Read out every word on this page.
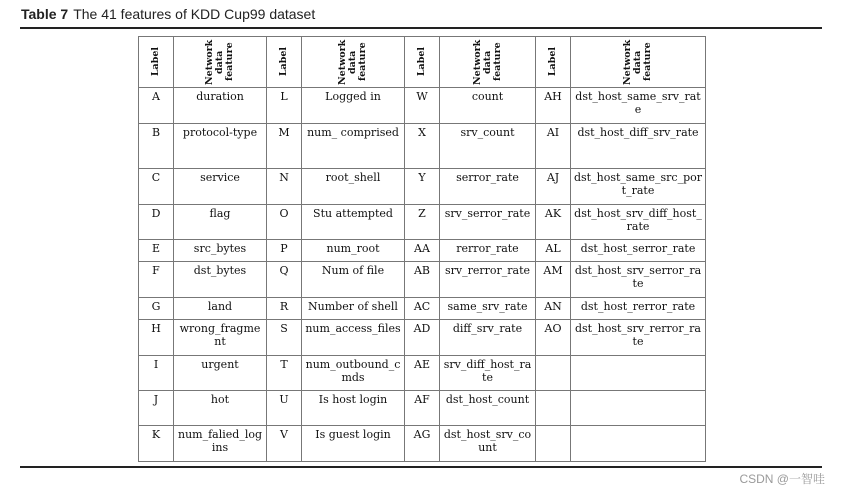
Table 7 The 41 features of KDD Cup99 dataset
Label	Network data feature	Label	Network data feature	Label	Network data feature	Label	Network data feature

A	duration	L	Logged in	W	count	AH	dst_host_same_srv_rate
B	protocol-type	M	num_ comprised	X	srv_count	AI	dst_host_diff_srv_rate
C	service	N	root_shell	Y	serror_rate	AJ	dst_host_same_src_port_rate
D	flag	O	Stu attempted	Z	srv_serror_rate	AK	dst_host_srv_diff_host_rate
E	src_bytes	P	num_root	AA	rerror_rate	AL	dst_host_serror_rate
F	dst_bytes	Q	Num of file	AB	srv_rerror_rate	AM	dst_host_srv_serror_rate
G	land	R	Number of shell	AC	same_srv_rate	AN	dst_host_rerror_rate
H	wrong_fragment	S	num_access_files	AD	diff_srv_rate	AO	dst_host_srv_rerror_rate
I	urgent	T	num_outbound_cmds	AE	srv_diff_host_rate		
J	hot	U	Is host login	AF	dst_host_count		
K	num_falied_logins	V	Is guest login	AG	dst_host_srv_count		
CSDN @一智哇
